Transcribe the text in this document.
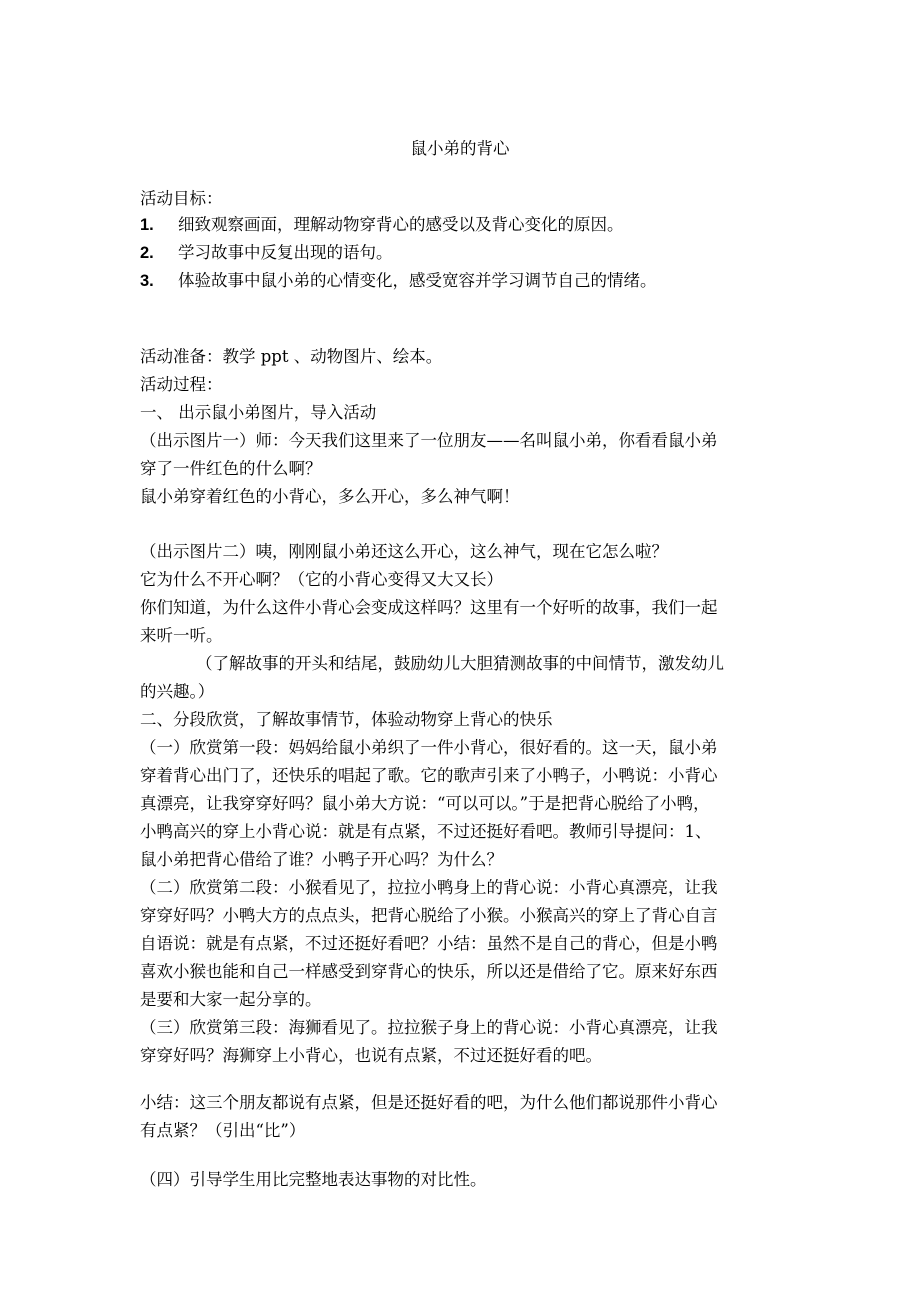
鼠小弟的背心
活动目标：
1. 细致观察画面，理解动物穿背心的感受以及背心变化的原因。
2. 学习故事中反复出现的语句。
3. 体验故事中鼠小弟的心情变化，感受宽容并学习调节自己的情绪。
活动准备：教学 ppt 、动物图片、绘本。
活动过程：
一、 出示鼠小弟图片，导入活动
（出示图片一）师：今天我们这里来了一位朋友——名叫鼠小弟，你看看鼠小弟
穿了一件红色的什么啊？
鼠小弟穿着红色的小背心，多么开心，多么神气啊！
（出示图片二）咦，刚刚鼠小弟还这么开心，这么神气，现在它怎么啦？
它为什么不开心啊？（它的小背心变得又大又长）
你们知道，为什么这件小背心会变成这样吗？这里有一个好听的故事，我们一起
来听一听。
（了解故事的开头和结尾，鼓励幼儿大胆猜测故事的中间情节，激发幼儿
的兴趣。）
二、分段欣赏，了解故事情节，体验动物穿上背心的快乐
（一）欣赏第一段：妈妈给鼠小弟织了一件小背心，很好看的。这一天，鼠小弟
穿着背心出门了，还快乐的唱起了歌。它的歌声引来了小鸭子，小鸭说：小背心
真漂亮，让我穿穿好吗？鼠小弟大方说：“可以可以。”于是把背心脱给了小鸭，
小鸭高兴的穿上小背心说：就是有点紧，不过还挺好看吧。教师引导提问：1、
鼠小弟把背心借给了谁？小鸭子开心吗？为什么？
（二）欣赏第二段：小猴看见了，拉拉小鸭身上的背心说：小背心真漂亮，让我
穿穿好吗？小鸭大方的点点头，把背心脱给了小猴。小猴高兴的穿上了背心自言
自语说：就是有点紧，不过还挺好看吧？小结：虽然不是自己的背心，但是小鸭
喜欢小猴也能和自己一样感受到穿背心的快乐，所以还是借给了它。原来好东西
是要和大家一起分享的。
（三）欣赏第三段：海狮看见了。拉拉猴子身上的背心说：小背心真漂亮，让我
穿穿好吗？海狮穿上小背心，也说有点紧，不过还挺好看的吧。
小结：这三个朋友都说有点紧，但是还挺好看的吧，为什么他们都说那件小背心
有点紧？（引出“比”）
（四）引导学生用比完整地表达事物的对比性。
